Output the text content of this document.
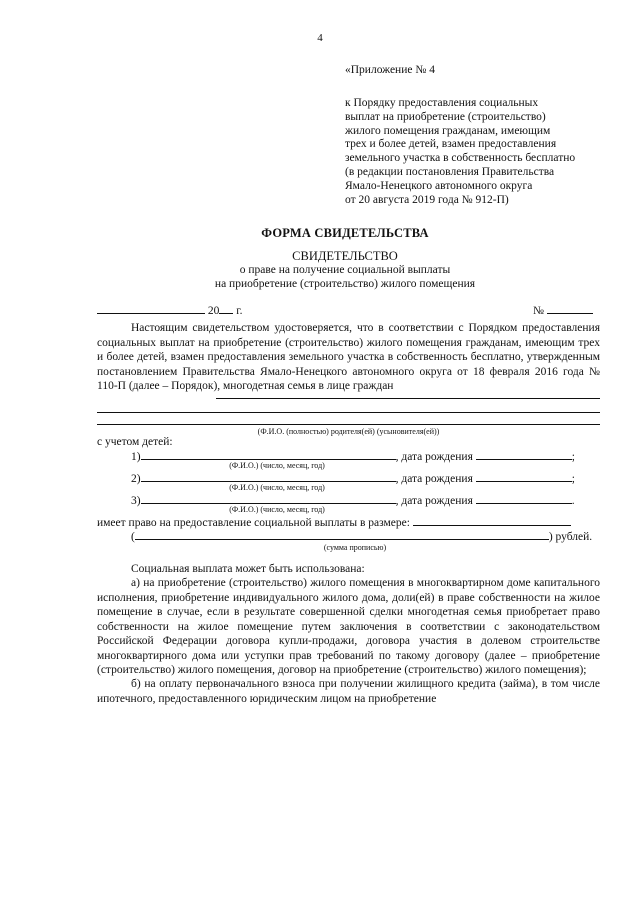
4
«Приложение № 4
к Порядку предоставления социальных
выплат на приобретение (строительство)
жилого помещения гражданам, имеющим
трех и более детей, взамен предоставления
земельного участка в собственность бесплатно
(в редакции постановления Правительства
Ямало-Ненецкого автономного округа
от 20 августа 2019 года № 912-П)
ФОРМА СВИДЕТЕЛЬСТВА
СВИДЕТЕЛЬСТВО
о праве на получение социальной выплаты
на приобретение (строительство) жилого помещения
20 г.	№
Настоящим свидетельством удостоверяется, что в соответствии с Порядком предоставления социальных выплат на приобретение (строительство) жилого помещения гражданам, имеющим трех и более детей, взамен предоставления земельного участка в собственность бесплатно, утвержденным постановлением Правительства Ямало-Ненецкого автономного округа от 18 февраля 2016 года № 110-П (далее – Порядок), многодетная семья в лице граждан
(Ф.И.О. (полностью) родителя(ей) (усыновителя(ей))
с учетом детей:
1)	, дата рождения	;
(Ф.И.О.) (число, месяц, год)
2)	, дата рождения	;
(Ф.И.О.) (число, месяц, год)
3)	, дата рождения	.
(Ф.И.О.) (число, месяц, год)
имеет право на предоставление социальной выплаты в размере:
(	) рублей.
(сумма прописью)
Социальная выплата может быть использована:
а) на приобретение (строительство) жилого помещения в многоквартирном доме капитального исполнения, приобретение индивидуального жилого дома, доли(ей) в праве собственности на жилое помещение в случае, если в результате совершенной сделки многодетная семья приобретает право собственности на жилое помещение путем заключения в соответствии с законодательством Российской Федерации договора купли-продажи, договора участия в долевом строительстве многоквартирного дома или уступки прав требований по такому договору (далее – приобретение (строительство) жилого помещения, договор на приобретение (строительство) жилого помещения);
б) на оплату первоначального взноса при получении жилищного кредита (займа), в том числе ипотечного, предоставленного юридическим лицом на приобретение
